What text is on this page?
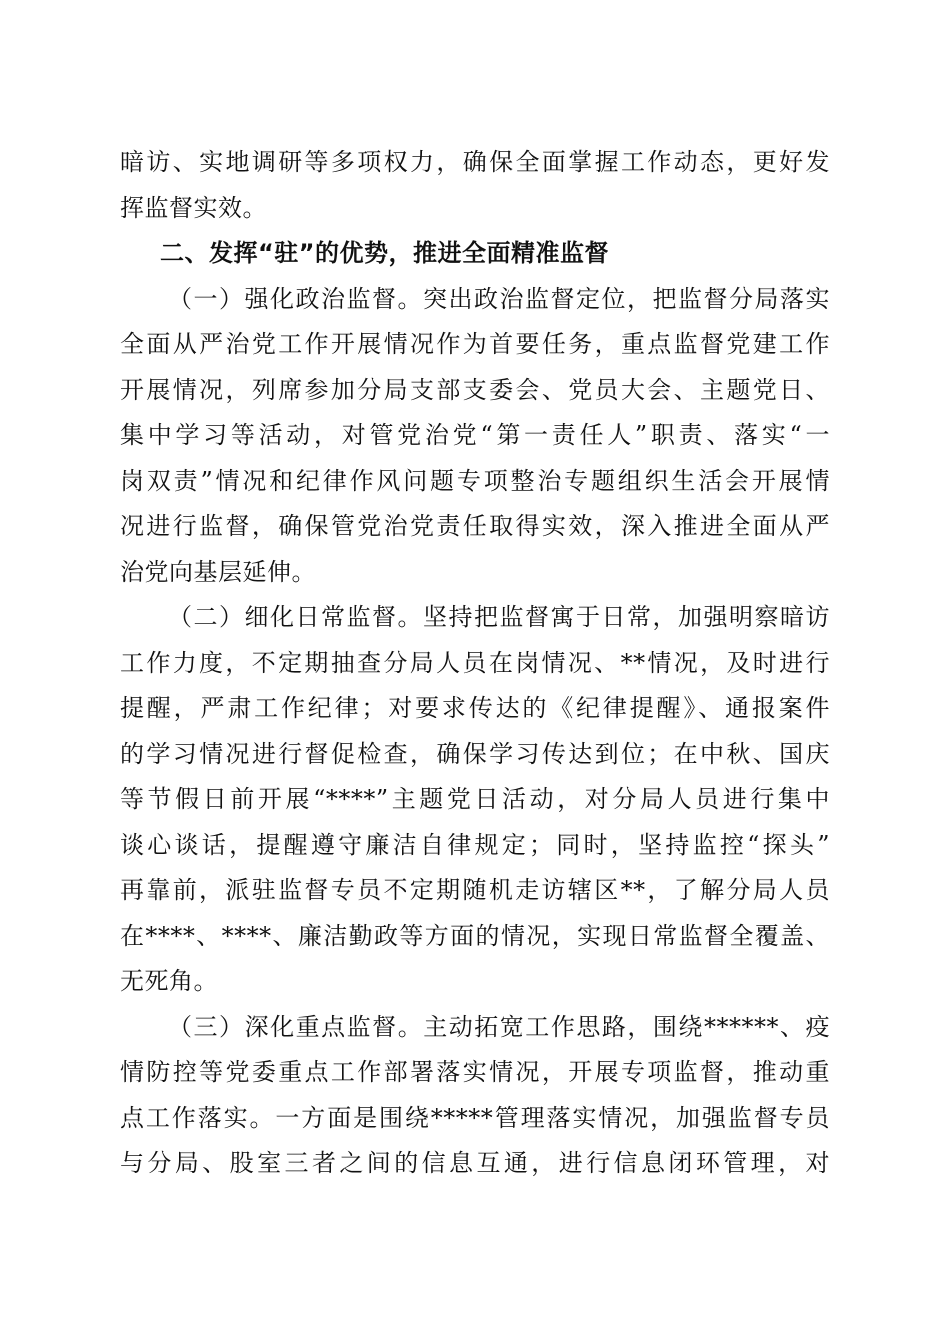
暗访、实地调研等多项权力，确保全面掌握工作动态，更好发
挥监督实效。
二、发挥“驻”的优势，推进全面精准监督
（一）强化政治监督。突出政治监督定位，把监督分局落实
全面从严治党工作开展情况作为首要任务，重点监督党建工作
开展情况，列席参加分局支部支委会、党员大会、主题党日、
集中学习等活动，对管党治党“第一责任人”职责、落实“一
岗双责”情况和纪律作风问题专项整治专题组织生活会开展情
况进行监督，确保管党治党责任取得实效，深入推进全面从严
治党向基层延伸。
（二）细化日常监督。坚持把监督寓于日常，加强明察暗访
工作力度，不定期抽查分局人员在岗情况、**情况，及时进行
提醒，严肃工作纪律；对要求传达的《纪律提醒》、通报案件
的学习情况进行督促检查，确保学习传达到位；在中秋、国庆
等节假日前开展“****”主题党日活动，对分局人员进行集中
谈心谈话，提醒遵守廉洁自律规定；同时，坚持监控“探头”
再靠前，派驻监督专员不定期随机走访辖区**，了解分局人员
在****、****、廉洁勤政等方面的情况，实现日常监督全覆盖、
无死角。
（三）深化重点监督。主动拓宽工作思路，围绕******、疫
情防控等党委重点工作部署落实情况，开展专项监督，推动重
点工作落实。一方面是围绕*****管理落实情况，加强监督专员
与分局、股室三者之间的信息互通，进行信息闭环管理，对
